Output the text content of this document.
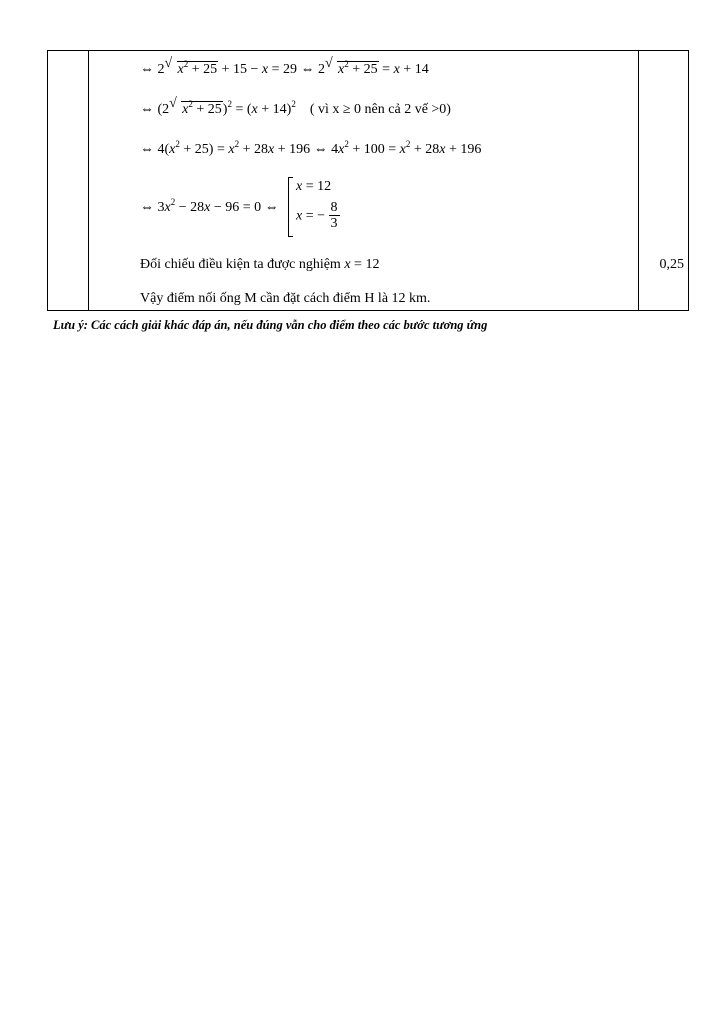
⇔ 2 √ $x^2 + 25 + 15 - x = 29$ ⇔ 2 √ $x^2 + 25 = x + 14$
⇔ (2 √ $x^2 + 25)^2 = (x + 14)^2$ ( vì x ≥ 0 nên cả 2 vế >0)
⇔ $4(x^2 + 25) = x^2 + 28x + 196$ ⇔ $4x^2 + 100 = x^2 + 28x + 196$
⇔ $3x^2 - 28x - 96 = 0$ ⇔
x = 12
x = − $\frac{8}{3}$
Đối chiếu điều kiện ta được nghiệm x = 12
Vậy điểm nối ống M cần đặt cách điểm H là 12 km.
0,25
Lưu ý: Các cách giải khác đáp án, nếu đúng vẫn cho điểm theo các bước tương ứng
